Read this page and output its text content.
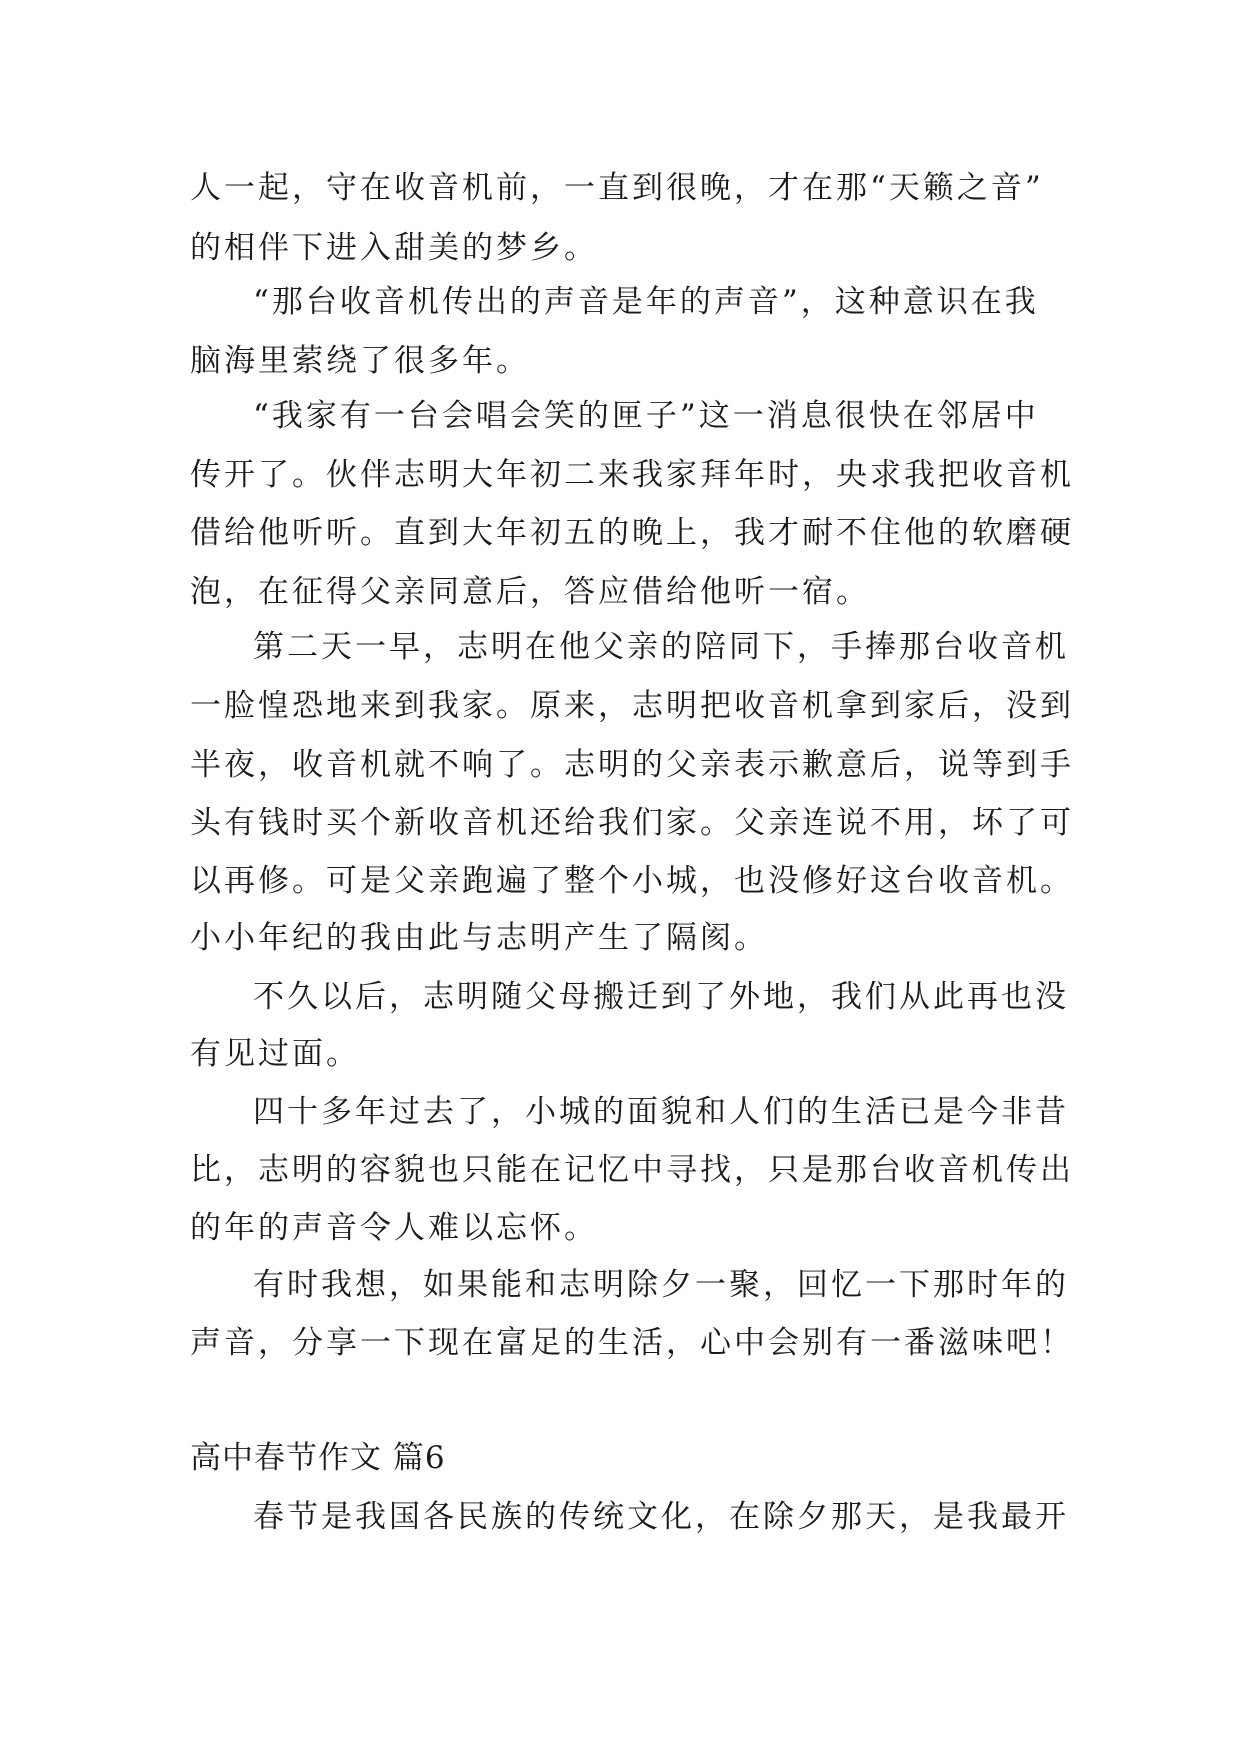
人一起，守在收音机前，一直到很晚，才在那“天籁之音”
的相伴下进入甜美的梦乡。
“那台收音机传出的声音是年的声音”，这种意识在我
脑海里萦绕了很多年。
“我家有一台会唱会笑的匣子”这一消息很快在邻居中
传开了。伙伴志明大年初二来我家拜年时，央求我把收音机
借给他听听。直到大年初五的晚上，我才耐不住他的软磨硬
泡，在征得父亲同意后，答应借给他听一宿。
第二天一早，志明在他父亲的陪同下，手捧那台收音机
一脸惶恐地来到我家。原来，志明把收音机拿到家后，没到
半夜，收音机就不响了。志明的父亲表示歉意后，说等到手
头有钱时买个新收音机还给我们家。父亲连说不用，坏了可
以再修。可是父亲跑遍了整个小城，也没修好这台收音机。
小小年纪的我由此与志明产生了隔阂。
不久以后，志明随父母搬迁到了外地，我们从此再也没
有见过面。
四十多年过去了，小城的面貌和人们的生活已是今非昔
比，志明的容貌也只能在记忆中寻找，只是那台收音机传出
的年的声音令人难以忘怀。
有时我想，如果能和志明除夕一聚，回忆一下那时年的
声音，分享一下现在富足的生活，心中会别有一番滋味吧！
高中春节作文 篇6
春节是我国各民族的传统文化，在除夕那天，是我最开
